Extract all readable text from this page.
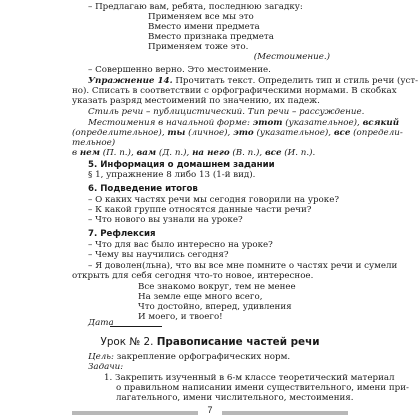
– Предлагаю вам, ребята, последнюю загадку:
Применяем все мы это
Вместо имени предмета
Вместо признака предмета
Применяем тоже это.
(Местоимение.)
– Совершенно верно. Это местоимение.
Упражнение 14. Прочитать текст. Определить тип и стиль речи (уст-
но). Списать в соответствии с орфографическими нормами. В скобках
указать разряд местоимений по значению, их падеж.
Стиль речи – публицистический. Тип речи – рассуждение.
Местоимения в начальной форме: этот (указательное), всякий
(определительное), ты (личное), это (указательное), все (определи-
тельное)
в нем (П. п.), вам (Д. п.), на него (В. п.), все (И. п.).
5. Информация о домашнем задании
§ 1, упражнение 8 либо 13 (1-й вид).
6. Подведение итогов
– О каких частях речи мы сегодня говорили на уроке?
– К какой группе относятся данные части речи?
– Что нового вы узнали на уроке?
7. Рефлексия
– Что для вас было интересно на уроке?
– Чему вы научились сегодня?
– Я доволен(льна), что вы все мне помните о частях речи и сумели
открыть для себя сегодня что-то новое, интересное.
Все знакомо вокруг, тем не менее
На земле еще много всего,
Что достойно, вперед, удивления
И моего, и твоего!
Дата
Урок № 2. Правописание частей речи
Цель: закрепление орфографических норм.
Задачи:
1. Закрепить изученный в 6-м классе теоретический материал
о правильном написании имени существительного, имени при-
лагательного, имени числительного, местоимения.
7
